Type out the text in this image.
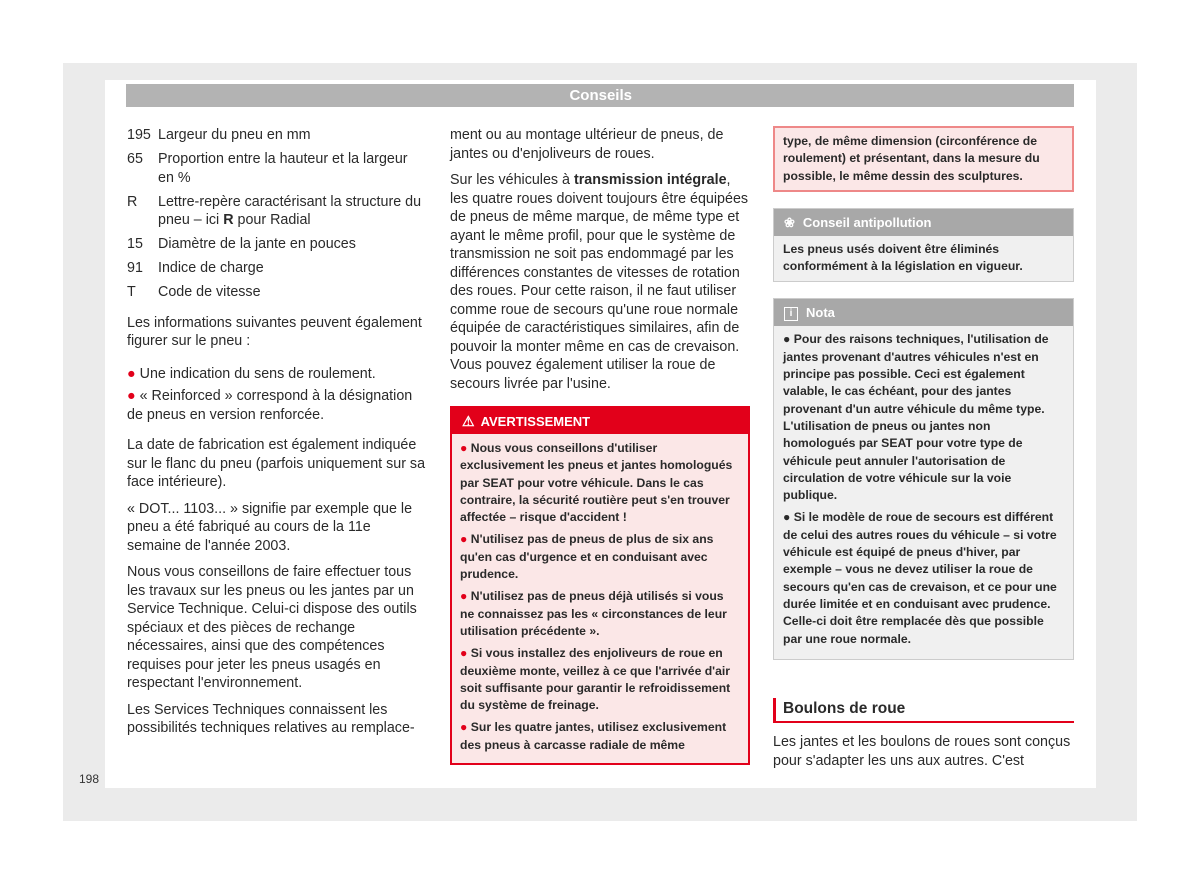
Conseils
195 Largeur du pneu en mm
65	Proportion entre la hauteur et la largeur en %
R	Lettre-repère caractérisant la structure du pneu – ici R pour Radial
15	Diamètre de la jante en pouces
91	Indice de charge
T	Code de vitesse

Les informations suivantes peuvent également figurer sur le pneu :

● Une indication du sens de roulement.
● « Reinforced » correspond à la désignation de pneus en version renforcée.

La date de fabrication est également indiquée sur le flanc du pneu (parfois uniquement sur sa face intérieure).

« DOT... 1103... » signifie par exemple que le pneu a été fabriqué au cours de la 11e semaine de l'année 2003.

Nous vous conseillons de faire effectuer tous les travaux sur les pneus ou les jantes par un Service Technique. Celui-ci dispose des outils spéciaux et des pièces de rechange nécessaires, ainsi que des compétences requises pour jeter les pneus usagés en respectant l'environnement.

Les Services Techniques connaissent les possibilités techniques relatives au remplace-

ment ou au montage ultérieur de pneus, de jantes ou d'enjoliveurs de roues.

Sur les véhicules à transmission intégrale, les quatre roues doivent toujours être équipées de pneus de même marque, de même type et ayant le même profil, pour que le système de transmission ne soit pas endommagé par les différences constantes de vitesses de rotation des roues. Pour cette raison, il ne faut utiliser comme roue de secours qu'une roue normale équipée de caractéristiques similaires, afin de pouvoir la monter même en cas de crevaison. Vous pouvez également utiliser la roue de secours livrée par l'usine.

⚠ AVERTISSEMENT
● Nous vous conseillons d'utiliser exclusivement les pneus et jantes homologués par SEAT pour votre véhicule. Dans le cas contraire, la sécurité routière peut s'en trouver affectée – risque d'accident !
● N'utilisez pas de pneus de plus de six ans qu'en cas d'urgence et en conduisant avec prudence.
● N'utilisez pas de pneus déjà utilisés si vous ne connaissez pas les « circonstances de leur utilisation précédente ».
● Si vous installez des enjoliveurs de roue en deuxième monte, veillez à ce que l'arrivée d'air soit suffisante pour garantir le refroidissement du système de freinage.
● Sur les quatre jantes, utilisez exclusivement des pneus à carcasse radiale de même
type, de même dimension (circonférence de roulement) et présentant, dans la mesure du possible, le même dessin des sculptures.
❀ Conseil antipollution
Les pneus usés doivent être éliminés conformément à la législation en vigueur.
i Nota
● Pour des raisons techniques, l'utilisation de jantes provenant d'autres véhicules n'est en principe pas possible. Ceci est également valable, le cas échéant, pour des jantes provenant d'un autre véhicule du même type. L'utilisation de pneus ou jantes non homologués par SEAT pour votre type de véhicule peut annuler l'autorisation de circulation de votre véhicule sur la voie publique.
● Si le modèle de roue de secours est différent de celui des autres roues du véhicule – si votre véhicule est équipé de pneus d'hiver, par exemple – vous ne devez utiliser la roue de secours qu'en cas de crevaison, et ce pour une durée limitée et en conduisant avec prudence. Celle-ci doit être remplacée dès que possible par une roue normale.
Boulons de roue

Les jantes et les boulons de roues sont conçus pour s'adapter les uns aux autres. C'est

198
